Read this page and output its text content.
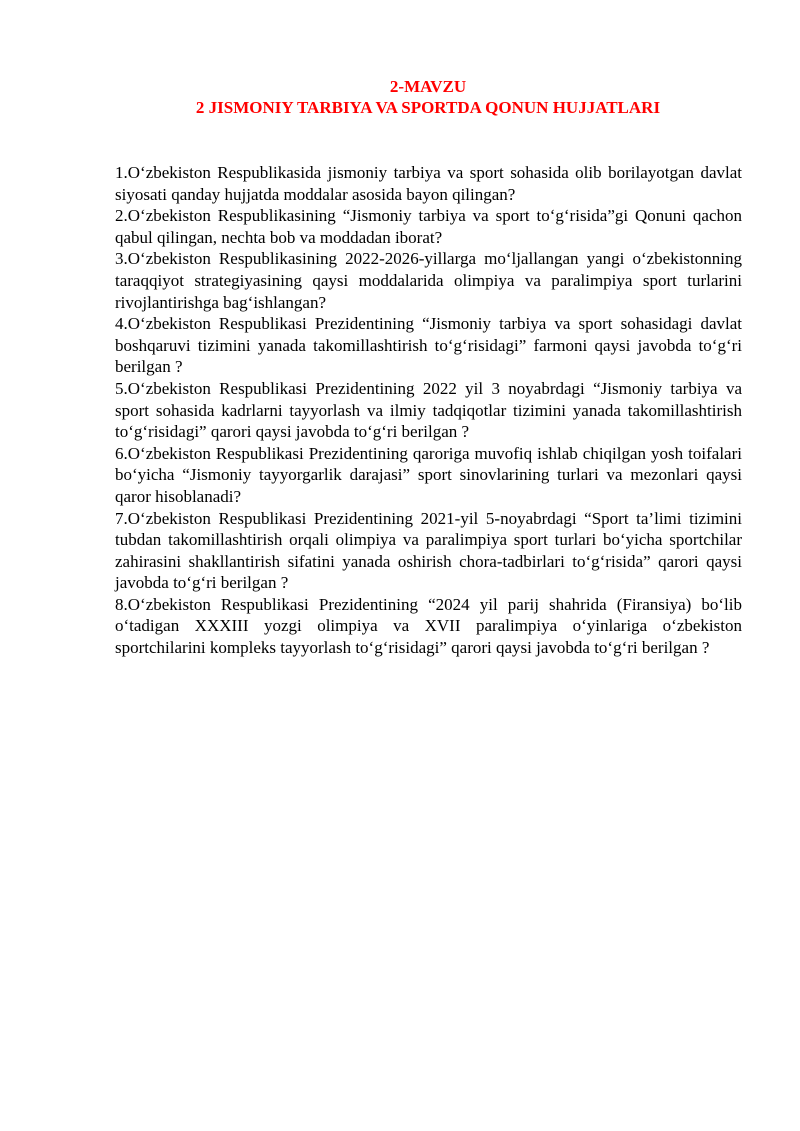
2-MAVZU
2 JISMONIY TARBIYA VA SPORTDA QONUN HUJJATLARI

1.O‘zbekiston Respublikasida jismoniy tarbiya va sport sohasida olib borilayotgan davlat siyosati qanday hujjatda moddalar asosida bayon qilingan?

2.O‘zbekiston Respublikasining “Jismoniy tarbiya va sport to‘g‘risida”gi Qonuni qachon qabul qilingan, nechta bob va moddadan iborat?

3.O‘zbekiston Respublikasining 2022-2026-yillarga mo‘ljallangan yangi o‘zbekistonning taraqqiyot strategiyasining qaysi moddalarida olimpiya va paralimpiya sport turlarini rivojlantirishga bag‘ishlangan?

4.O‘zbekiston Respublikasi Prezidentining “Jismoniy tarbiya va sport sohasidagi davlat boshqaruvi tizimini yanada takomillashtirish to‘g‘risidagi” farmoni qaysi javobda to‘g‘ri berilgan ?

5.O‘zbekiston Respublikasi Prezidentining 2022 yil 3 noyabrdagi “Jismoniy tarbiya va sport sohasida kadrlarni tayyorlash va ilmiy tadqiqotlar tizimini yanada takomillashtirish to‘g‘risidagi” qarori qaysi javobda to‘g‘ri berilgan ?

6.O‘zbekiston Respublikasi Prezidentining qaroriga muvofiq ishlab chiqilgan yosh toifalari bo‘yicha “Jismoniy tayyorgarlik darajasi” sport sinovlarining turlari va mezonlari qaysi qaror hisoblanadi?

7.O‘zbekiston Respublikasi Prezidentining 2021-yil 5-noyabrdagi “Sport ta’limi tizimini tubdan takomillashtirish orqali olimpiya va paralimpiya sport turlari bo‘yicha sportchilar zahirasini shakllantirish sifatini yanada oshirish chora-tadbirlari to‘g‘risida” qarori qaysi javobda to‘g‘ri berilgan ?

8.O‘zbekiston Respublikasi Prezidentining “2024 yil parij shahrida (Firansiya) bo‘lib o‘tadigan XXXIII yozgi olimpiya va XVII paralimpiya o‘yinlariga o‘zbekiston sportchilarini kompleks tayyorlash to‘g‘risidagi” qarori qaysi javobda to‘g‘ri berilgan ?
